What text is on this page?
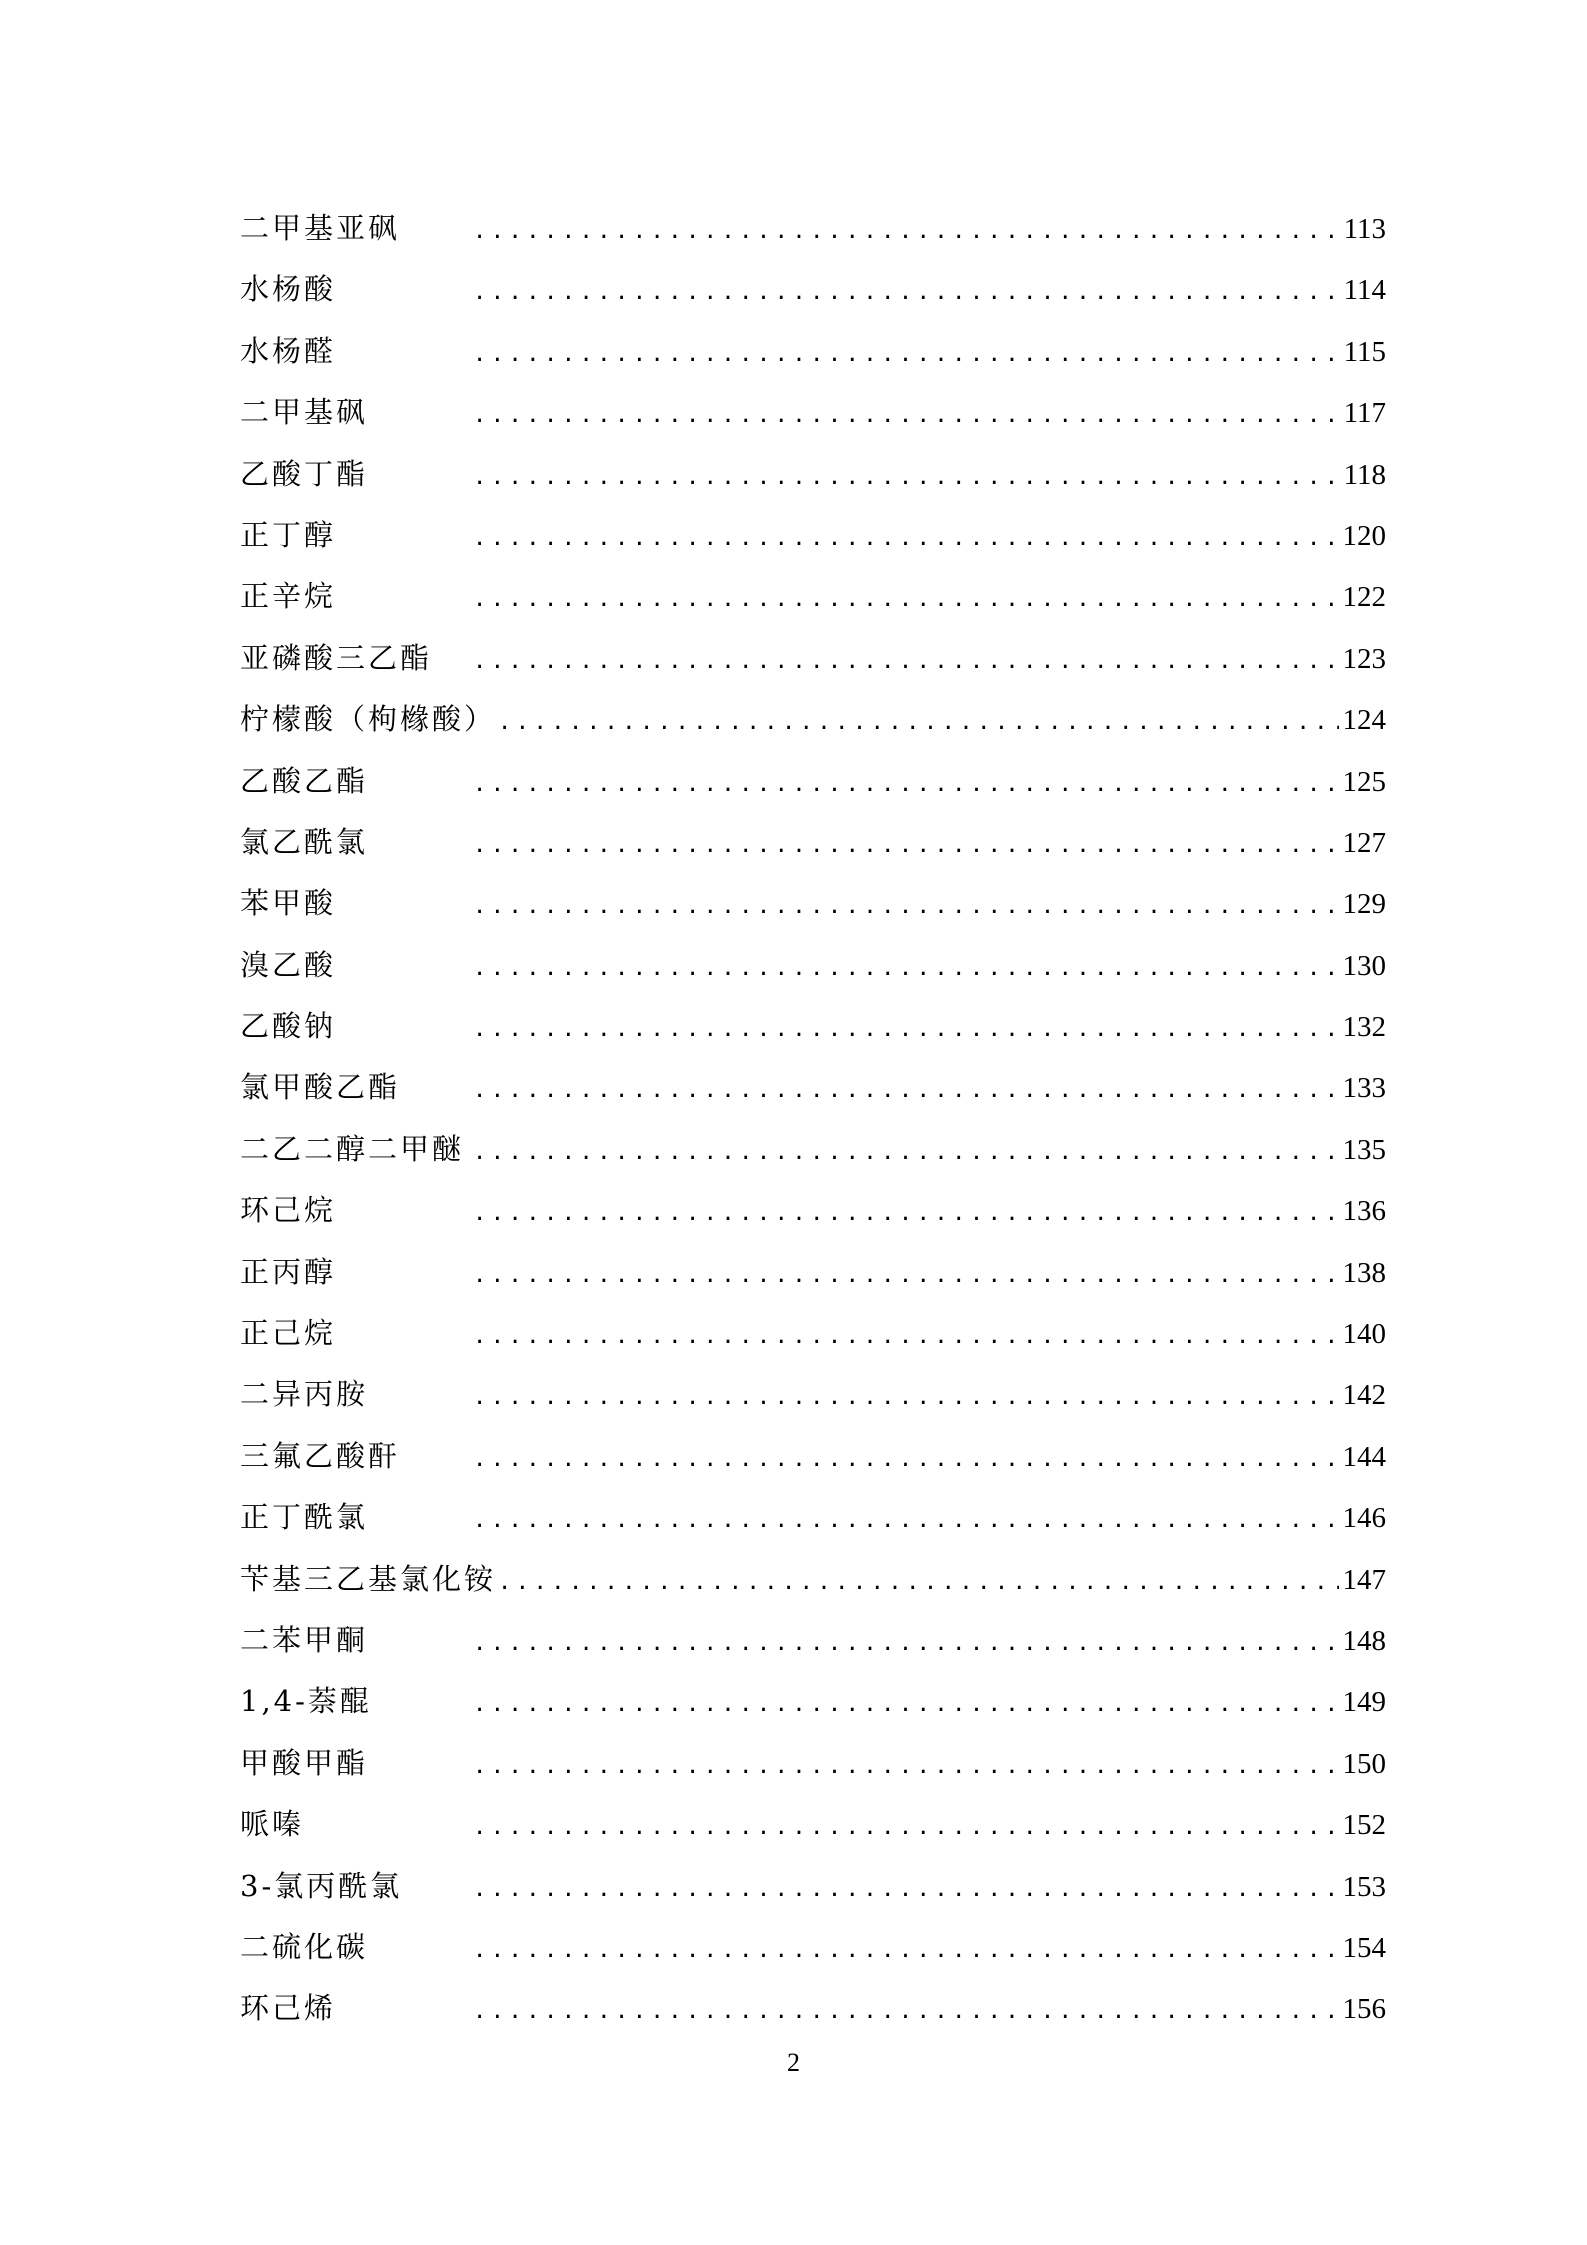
二甲基亚砜 .....	113
水杨酸 .....	114
水杨醛 .....	115
二甲基砜 .....	117
乙酸丁酯 .....	118
正丁醇 .....	120
正辛烷 .....	122
亚磷酸三乙酯 .....	123
柠檬酸（枸橼酸） .....	124
乙酸乙酯 .....	125
氯乙酰氯 .....	127
苯甲酸 .....	129
溴乙酸 .....	130
乙酸钠 .....	132
氯甲酸乙酯 .....	133
二乙二醇二甲醚 .....	135
环己烷 .....	136
正丙醇 .....	138
正己烷 .....	140
二异丙胺 .....	142
三氟乙酸酐 .....	144
正丁酰氯 .....	146
苄基三乙基氯化铵 .....	147
二苯甲酮 .....	148
1,4-萘醌 .....	149
甲酸甲酯 .....	150
哌嗪 .....	152
3-氯丙酰氯 .....	153
二硫化碳 .....	154
环己烯 .....	156
2
